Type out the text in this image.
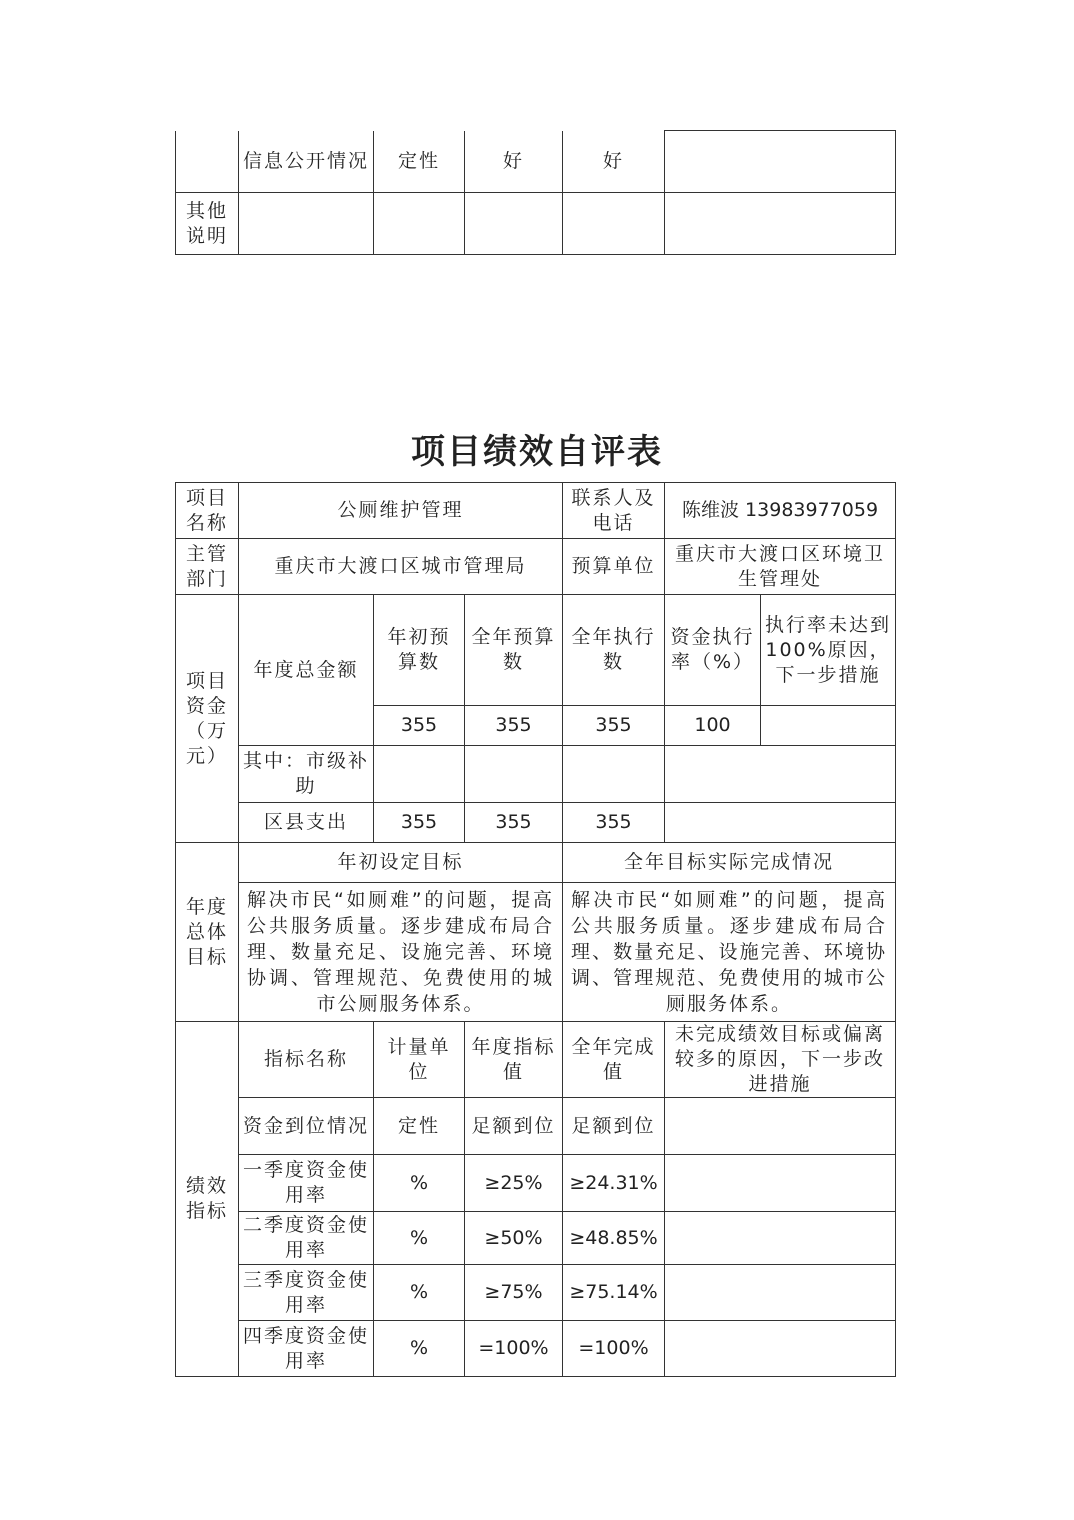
	信息公开情况	定性	好	好	
其他说明					
项目绩效自评表
项目名称	公厕维护管理			联系人及电话	陈维波 13983977059	
主管部门	重庆市大渡口区城市管理局			预算单位	重庆市大渡口区环境卫生管理处	
项目资金（万元）	年度总金额	年初预算数	全年预算数	全年执行数	资金执行率（%）	执行率未达到100%原因，下一步措施
		355	355	355	100	
	其中：市级补助					
	区县支出	355	355	355		
年度总体目标	年初设定目标			全年目标实际完成情况		
	解决市民“如厕难”的问题，提高公共服务质量。逐步建成布局合理、数量充足、设施完善、环境协调、管理规范、免费使用的城市公厕服务体系。			解决市民“如厕难”的问题，提高公共服务质量。逐步建成布局合理、数量充足、设施完善、环境协调、管理规范、免费使用的城市公厕服务体系。		
绩效指标	指标名称	计量单位	年度指标值	全年完成值	未完成绩效目标或偏离较多的原因，下一步改进措施	
	资金到位情况	定性	足额到位	足额到位		
	一季度资金使用率	%	≥25%	≥24.31%		
	二季度资金使用率	%	≥50%	≥48.85%		
	三季度资金使用率	%	≥75%	≥75.14%		
	四季度资金使用率	%	=100%	=100%		
